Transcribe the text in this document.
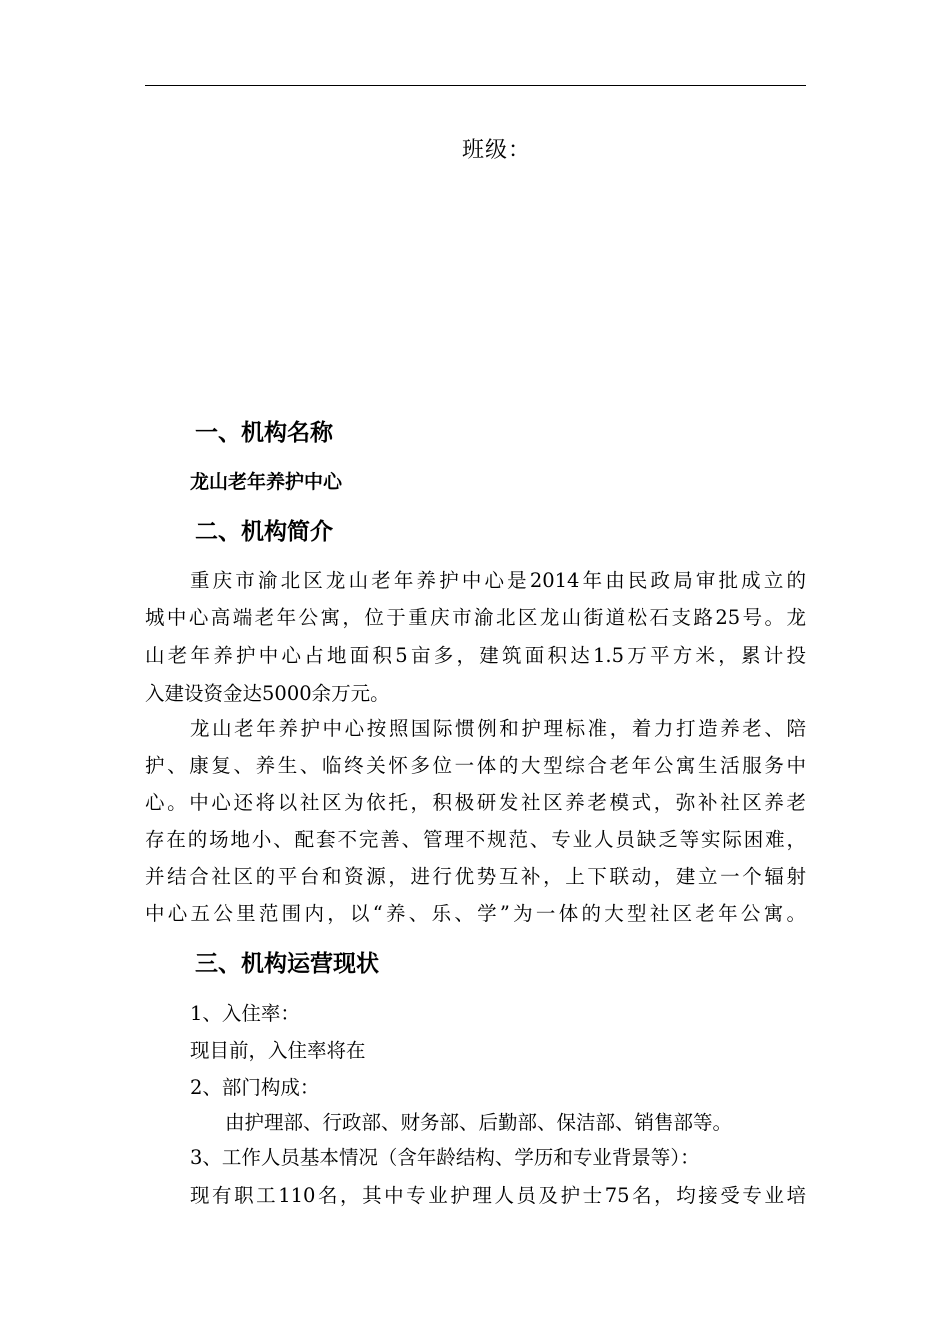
班级：
一、机构名称
龙山老年养护中心
二、机构简介
重庆市渝北区龙山老年养护中心是2014年由民政局审批成立的
城中心高端老年公寓，位于重庆市渝北区龙山街道松石支路25号。龙
山老年养护中心占地面积5亩多，建筑面积达1.5万平方米，累计投
入建设资金达5000余万元。
龙山老年养护中心按照国际惯例和护理标准，着力打造养老、陪
护、康复、养生、临终关怀多位一体的大型综合老年公寓生活服务中
心。中心还将以社区为依托，积极研发社区养老模式，弥补社区养老
存在的场地小、配套不完善、管理不规范、专业人员缺乏等实际困难，
并结合社区的平台和资源，进行优势互补，上下联动，建立一个辐射
中心五公里范围内，以“养、乐、学”为一体的大型社区老年公寓。
三、机构运营现状
1、入住率：
现目前，入住率将在
2、部门构成：
由护理部、行政部、财务部、后勤部、保洁部、销售部等。
3、工作人员基本情况（含年龄结构、学历和专业背景等）：
现有职工110名，其中专业护理人员及护士75名，均接受专业培
